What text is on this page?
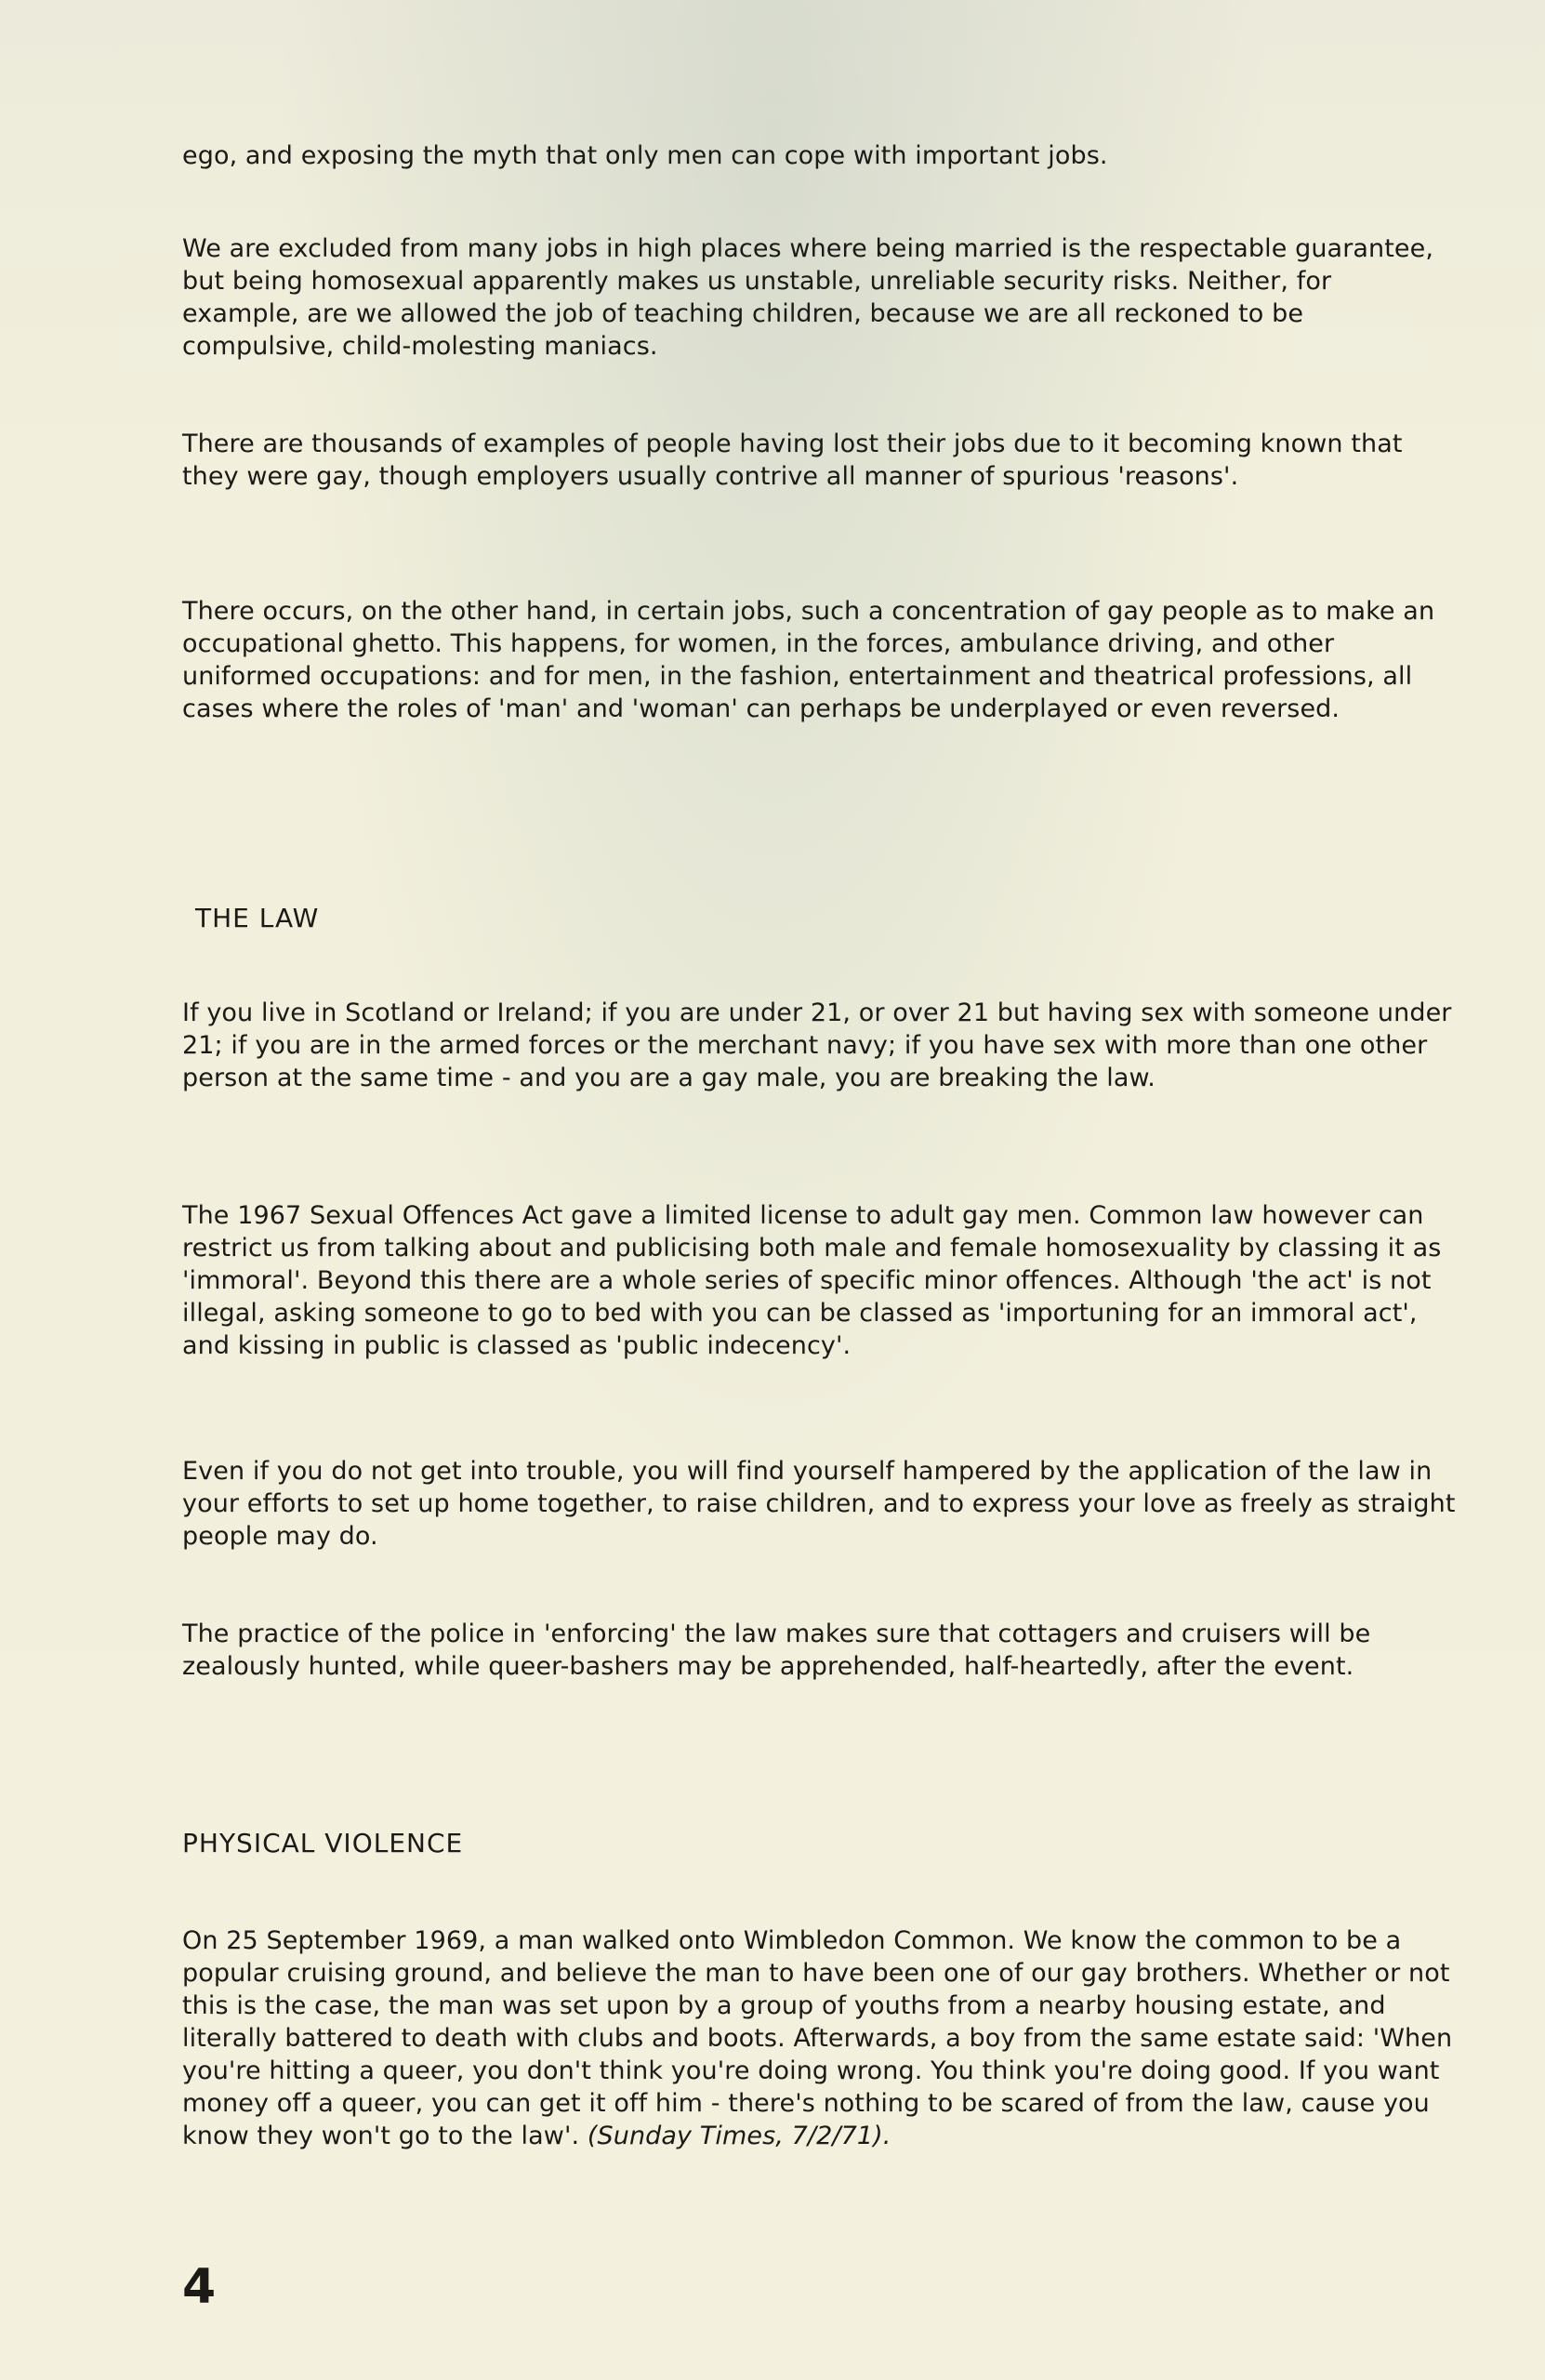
ego, and exposing the myth that only men can cope with important jobs.

We are excluded from many jobs in high places where being married is the respectable guarantee, but being homosexual apparently makes us unstable, unreliable security risks. Neither, for example, are we allowed the job of teaching children, because we are all reckoned to be compulsive, child-molesting maniacs.

There are thousands of examples of people having lost their jobs due to it becoming known that they were gay, though employers usually contrive all manner of spurious 'reasons'.

There occurs, on the other hand, in certain jobs, such a concentration of gay people as to make an occupational ghetto. This happens, for women, in the forces, ambulance driving, and other uniformed occupations: and for men, in the fashion, entertainment and theatrical professions, all cases where the roles of 'man' and 'woman' can perhaps be underplayed or even reversed.

THE LAW

If you live in Scotland or Ireland; if you are under 21, or over 21 but having sex with someone under 21; if you are in the armed forces or the merchant navy; if you have sex with more than one other person at the same time - and you are a gay male, you are breaking the law.

The 1967 Sexual Offences Act gave a limited license to adult gay men. Common law however can restrict us from talking about and publicising both male and female homosexuality by classing it as 'immoral'. Beyond this there are a whole series of specific minor offences. Although 'the act' is not illegal, asking someone to go to bed with you can be classed as 'importuning for an immoral act', and kissing in public is classed as 'public indecency'.

Even if you do not get into trouble, you will find yourself hampered by the application of the law in your efforts to set up home together, to raise children, and to express your love as freely as straight people may do.

The practice of the police in 'enforcing' the law makes sure that cottagers and cruisers will be zealously hunted, while queer-bashers may be apprehended, half-heartedly, after the event.

PHYSICAL VIOLENCE

On 25 September 1969, a man walked onto Wimbledon Common. We know the common to be a popular cruising ground, and believe the man to have been one of our gay brothers. Whether or not this is the case, the man was set upon by a group of youths from a nearby housing estate, and literally battered to death with clubs and boots. Afterwards, a boy from the same estate said: 'When you're hitting a queer, you don't think you're doing wrong. You think you're doing good. If you want money off a queer, you can get it off him - there's nothing to be scared of from the law, cause you know they won't go to the law'. (Sunday Times, 7/2/71).

4
